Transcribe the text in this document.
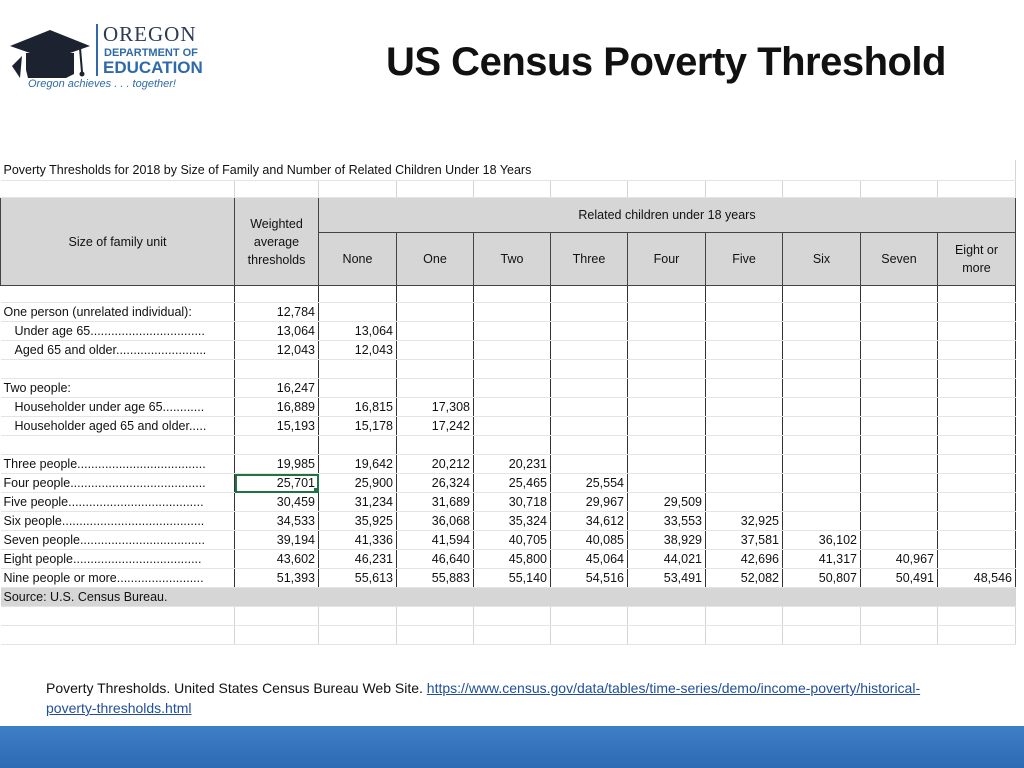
OREGON
DEPARTMENT OF
EDUCATION
Oregon achieves . . . together!	US Census Poverty Threshold
Poverty Thresholds for 2018 by Size of Family and Number of Related Children Under 18 Years										

Size of family unit	Weighted average thresholds	Related children under 18 years								
		None	One	Two	Three	Four	Five	Six	Seven	Eight or more

One person (unrelated individual):	12,784									
Under age 65.................................	13,064	13,064								
Aged 65 and older..........................	12,043	12,043								

Two people:	16,247									
Householder under age 65............	16,889	16,815	17,308							
Householder aged 65 and older.....	15,193	15,178	17,242							

Three people.....................................	19,985	19,642	20,212	20,231						
Four people.......................................	25,701	25,900	26,324	25,465	25,554					
Five people.......................................	30,459	31,234	31,689	30,718	29,967	29,509				
Six people.........................................	34,533	35,925	36,068	35,324	34,612	33,553	32,925			
Seven people....................................	39,194	41,336	41,594	40,705	40,085	38,929	37,581	36,102		
Eight people.....................................	43,602	46,231	46,640	45,800	45,064	44,021	42,696	41,317	40,967	
Nine people or more.........................	51,393	55,613	55,883	55,140	54,516	53,491	52,082	50,807	50,491	48,546
Source: U.S. Census Bureau.										

Poverty Thresholds. United States Census Bureau Web Site. https://www.census.gov/data/tables/time-series/demo/income-poverty/historical-poverty-thresholds.html
